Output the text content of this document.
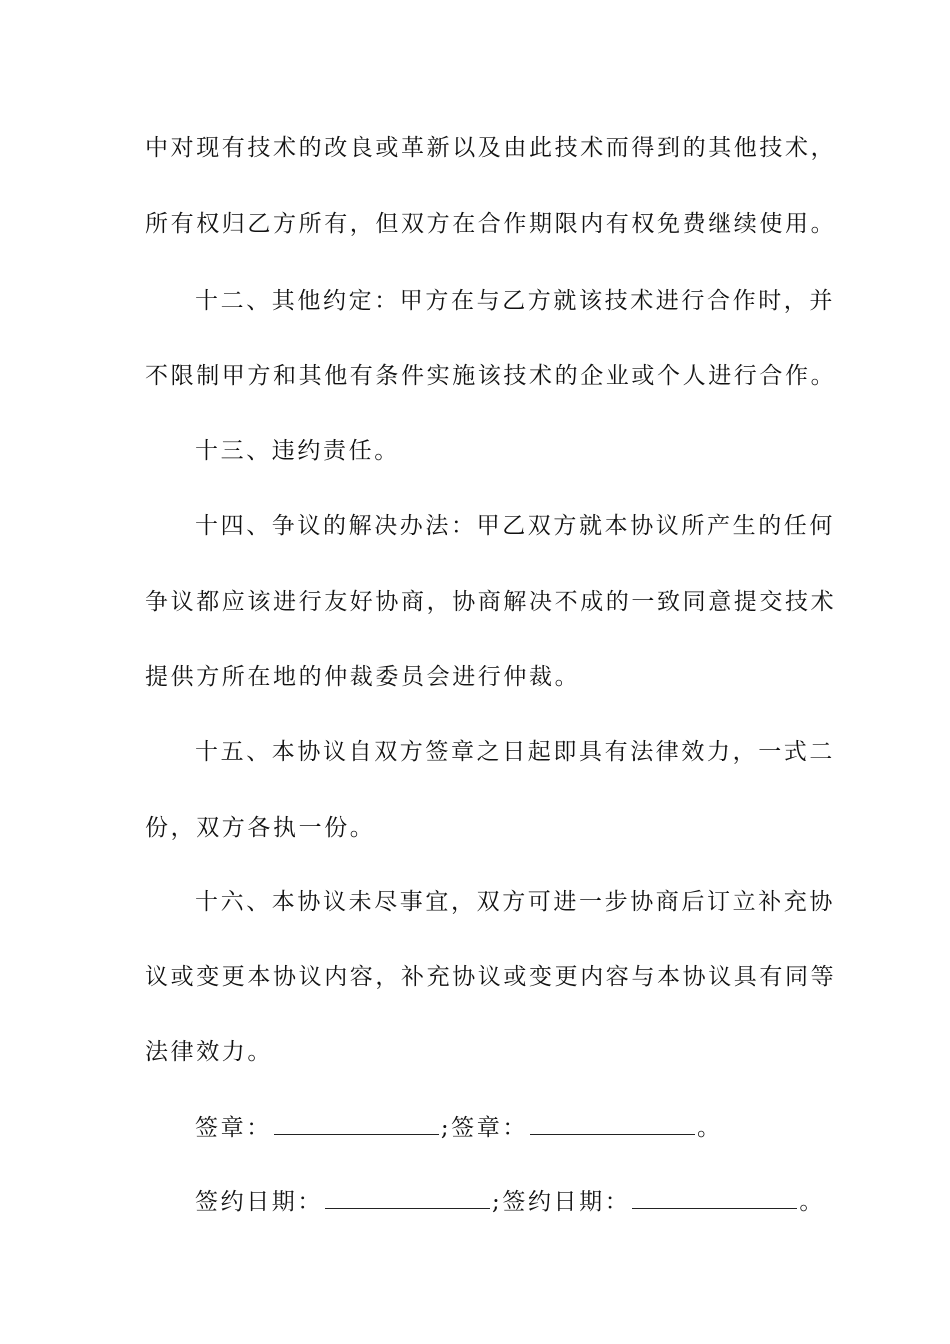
中对现有技术的改良或革新以及由此技术而得到的其他技术，
所有权归乙方所有，但双方在合作期限内有权免费继续使用。
十二、其他约定：甲方在与乙方就该技术进行合作时，并
不限制甲方和其他有条件实施该技术的企业或个人进行合作。
十三、违约责任。
十四、争议的解决办法：甲乙双方就本协议所产生的任何
争议都应该进行友好协商，协商解决不成的一致同意提交技术
提供方所在地的仲裁委员会进行仲裁。
十五、本协议自双方签章之日起即具有法律效力，一式二
份，双方各执一份。
十六、本协议未尽事宜，双方可进一步协商后订立补充协
议或变更本协议内容，补充协议或变更内容与本协议具有同等
法律效力。
签章：	;签章：	。
签约日期：	;签约日期：	。
